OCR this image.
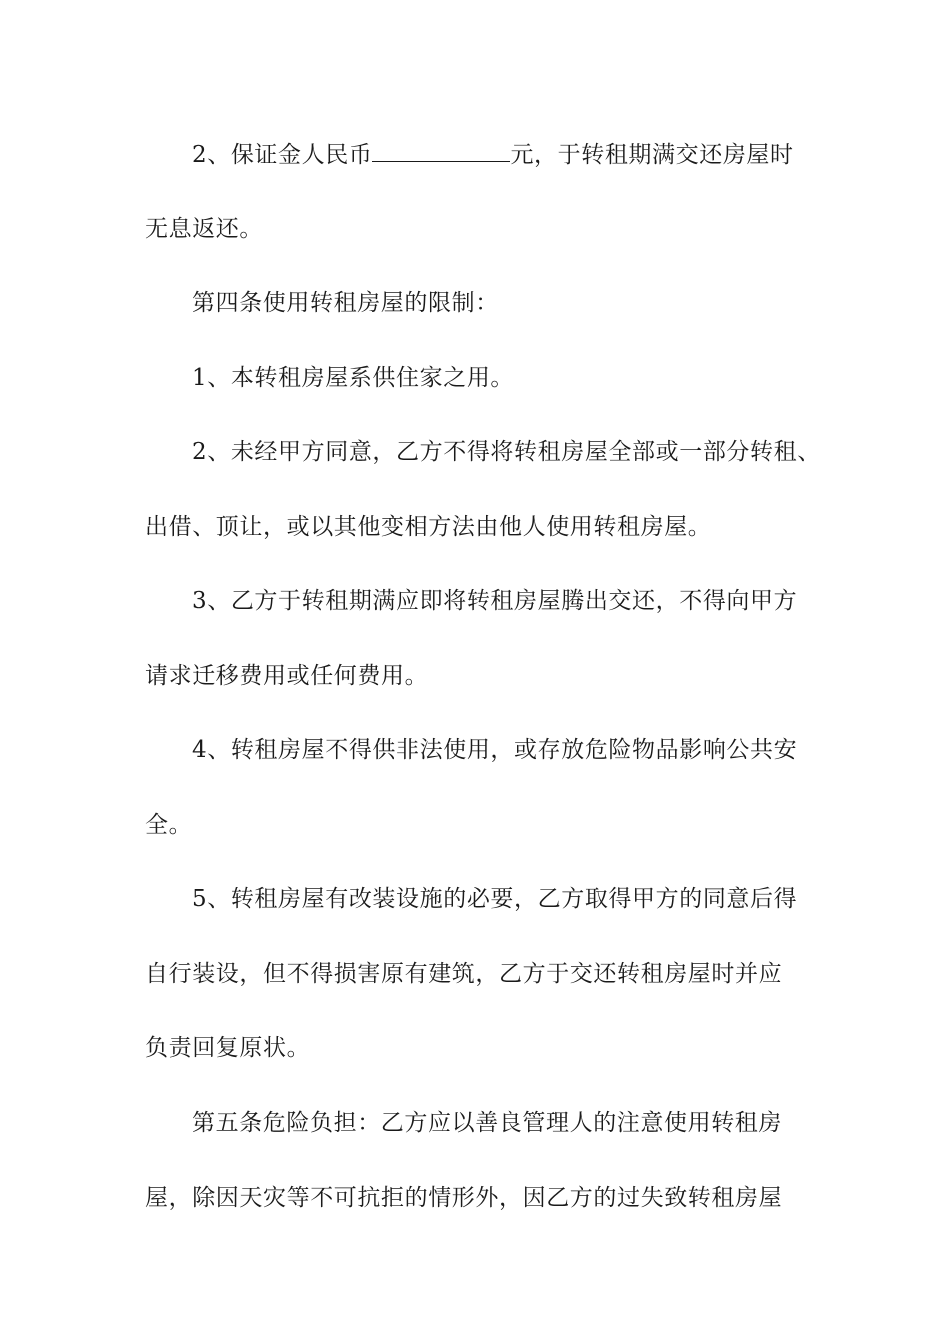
2、保证金人民币	元，于转租期满交还房屋时
无息返还。
第四条使用转租房屋的限制：
1、本转租房屋系供住家之用。
2、未经甲方同意，乙方不得将转租房屋全部或一部分转租、
出借、顶让，或以其他变相方法由他人使用转租房屋。
3、乙方于转租期满应即将转租房屋腾出交还，不得向甲方
请求迁移费用或任何费用。
4、转租房屋不得供非法使用，或存放危险物品影响公共安
全。
5、转租房屋有改装设施的必要，乙方取得甲方的同意后得
自行装设，但不得损害原有建筑，乙方于交还转租房屋时并应
负责回复原状。
第五条危险负担：乙方应以善良管理人的注意使用转租房
屋，除因天灾等不可抗拒的情形外，因乙方的过失致转租房屋
